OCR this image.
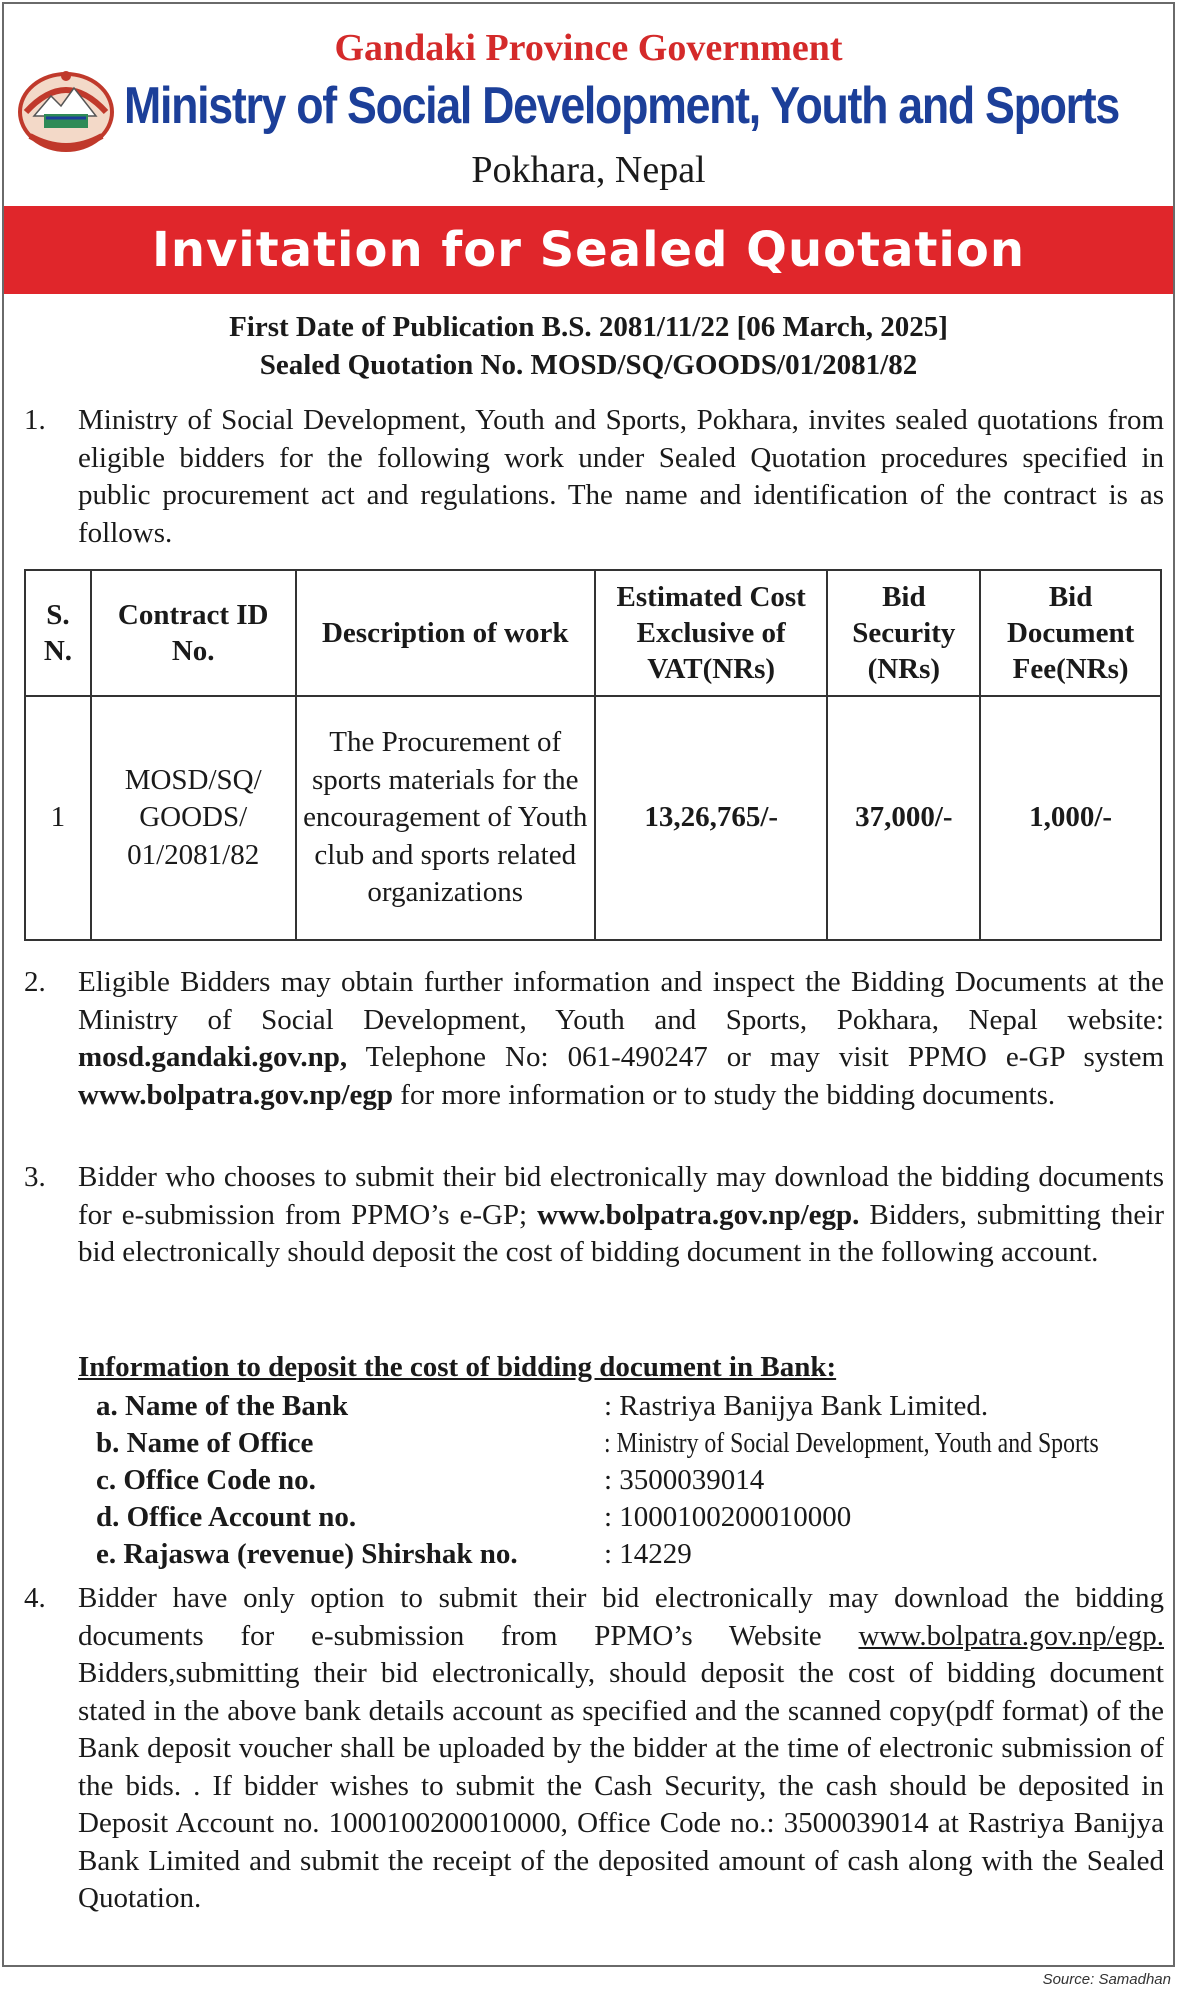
Gandaki Province Government
Ministry of Social Development, Youth and Sports
Pokhara, Nepal
Invitation for Sealed Quotation
First Date of Publication B.S. 2081/11/22 [06 March, 2025]
Sealed Quotation No. MOSD/SQ/GOODS/01/2081/82
1. Ministry of Social Development, Youth and Sports, Pokhara, invites sealed quotations from eligible bidders for the following work under Sealed Quotation procedures specified in public procurement act and regulations. The name and identification of the contract is as follows.
S. N.	Contract ID No.	Description of work	Estimated Cost Exclusive of VAT(NRs)	Bid Security (NRs)	Bid Document Fee(NRs)
1	MOSD/SQ/ GOODS/ 01/2081/82	The Procurement of sports materials for the encouragement of Youth club and sports related organizations	13,26,765/-	37,000/-	1,000/-
2. Eligible Bidders may obtain further information and inspect the Bidding Documents at the Ministry of Social Development, Youth and Sports, Pokhara, Nepal website: mosd.gandaki.gov.np, Telephone No: 061-490247 or may visit PPMO e-GP system www.bolpatra.gov.np/egp for more information or to study the bidding documents.
3. Bidder who chooses to submit their bid electronically may download the bidding documents for e-submission from PPMO’s e-GP; www.bolpatra.gov.np/egp. Bidders, submitting their bid electronically should deposit the cost of bidding document in the following account.
Information to deposit the cost of bidding document in Bank:
a. Name of the Bank	: Rastriya Banijya Bank Limited.
b. Name of Office	: Ministry of Social Development, Youth and Sports
c. Office Code no.	: 3500039014
d. Office Account no.	: 1000100200010000
e. Rajaswa (revenue) Shirshak no.	: 14229
4. Bidder have only option to submit their bid electronically may download the bidding documents for e-submission from PPMO’s Website www.bolpatra.gov.np/egp. Bidders,submitting their bid electronically, should deposit the cost of bidding document stated in the above bank details account as specified and the scanned copy(pdf format) of the Bank deposit voucher shall be uploaded by the bidder at the time of electronic submission of the bids. . If bidder wishes to submit the Cash Security, the cash should be deposited in Deposit Account no. 1000100200010000, Office Code no.: 3500039014 at Rastriya Banijya Bank Limited and submit the receipt of the deposited amount of cash along with the Sealed Quotation.
Source: Samadhan
